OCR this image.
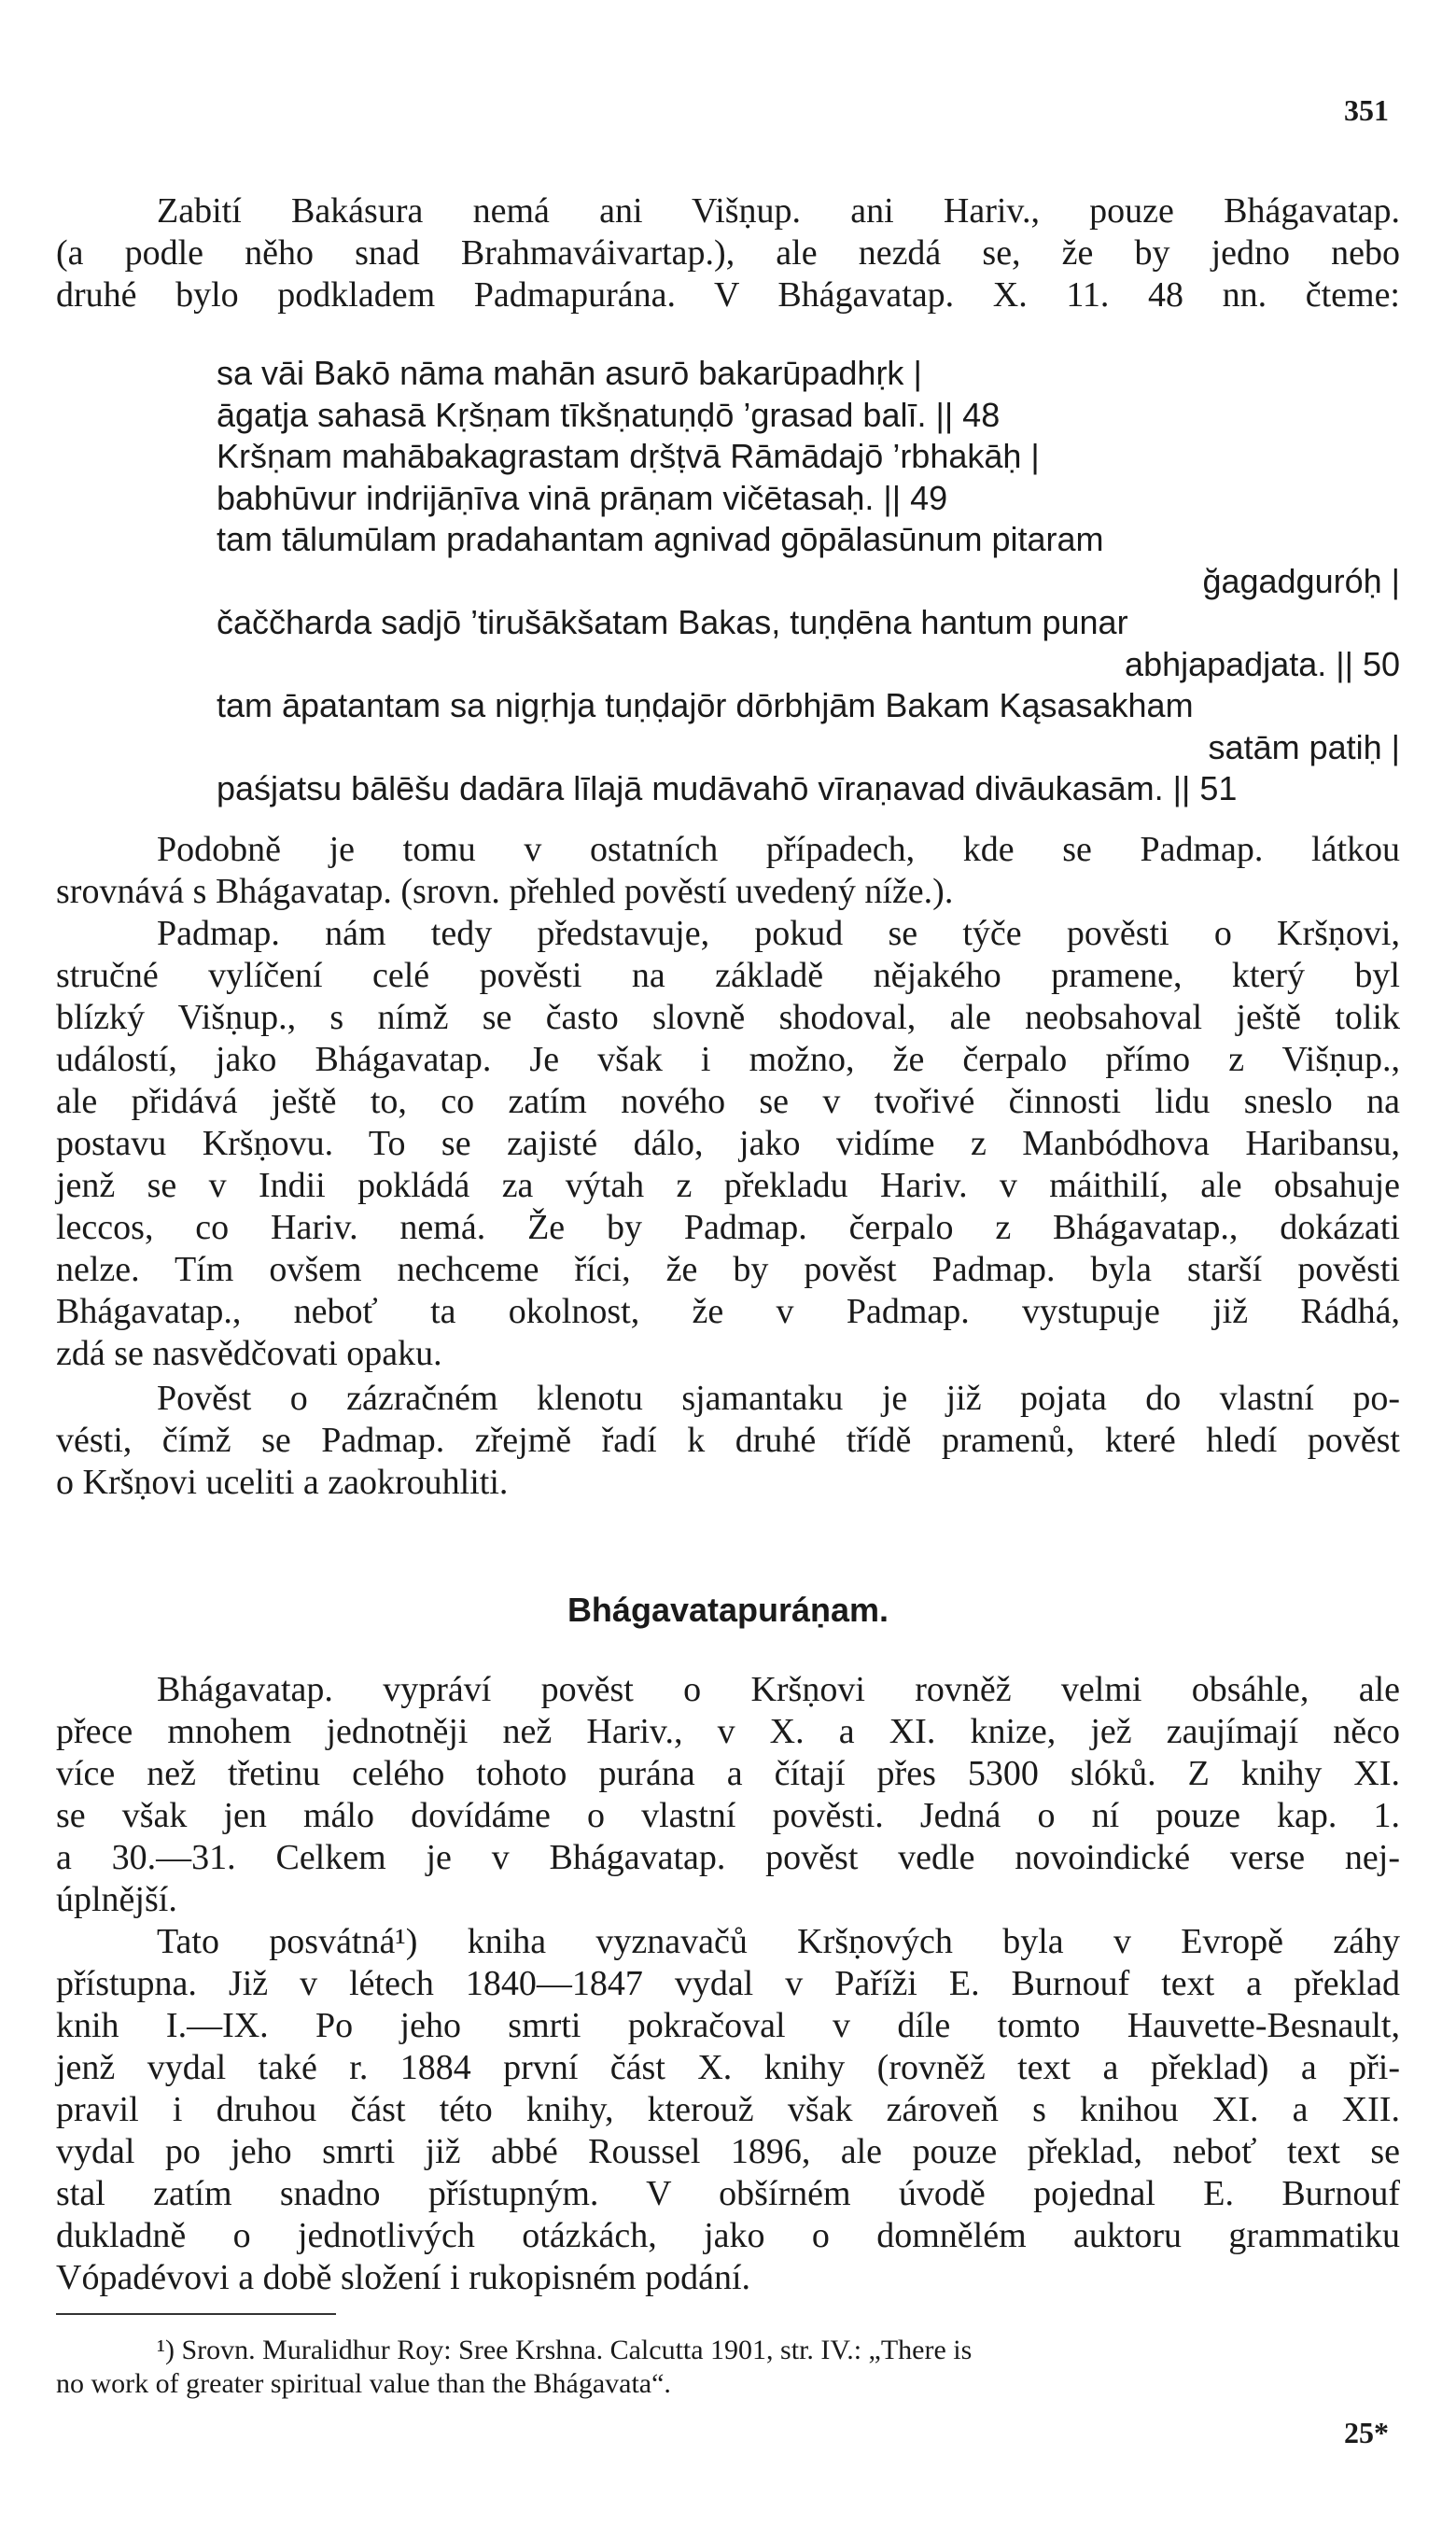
351
Zabití Bakásura nemá ani Višṇup. ani Hariv., pouze Bhágavatap.
(a podle něho snad Brahmaváivartap.), ale nezdá se, že by jedno nebo
druhé bylo podkladem Padmapurána. V Bhágavatap. X. 11. 48 nn. čteme:
sa vāi Bakō nāma mahān asurō bakarūpadhṛk |
āgatja sahasā Kṛšṇam tīkšṇatuṇḍō ’grasad balī. || 48
Kršṇam mahābakagrastam dṛšṭvā Rāmādajō ’rbhakāḥ |
babhūvur indrijāṇīva vinā prāṇam vičētasaḥ. || 49
tam tālumūlam pradahantam agnivad gōpālasūnum pitaram
ğagadguróḥ |
čaččharda sadjō ’tirušākšatam Bakas, tuṇḍēna hantum punar
abhjapadjata. || 50
tam āpatantam sa nigṛhja tuṇḍajōr dōrbhjām Bakam Kąsasakham
satām patiḥ |
paśjatsu bālēšu dadāra līlajā mudāvahō vīraṇavad divāukasām. || 51
Podobně je tomu v ostatních případech, kde se Padmap. látkou
srovnává s Bhágavatap. (srovn. přehled pověstí uvedený níže.).
Padmap. nám tedy představuje, pokud se týče pověsti o Kršṇovi,
stručné vylíčení celé pověsti na základě nějakého pramene, který byl
blízký Višṇup., s nímž se často slovně shodoval, ale neobsahoval ještě tolik
událostí, jako Bhágavatap. Je však i možno, že čerpalo přímo z Višṇup.,
ale přidává ještě to, co zatím nového se v tvořivé činnosti lidu sneslo na
postavu Kršṇovu. To se zajisté dálo, jako vidíme z Manbódhova Haribansu,
jenž se v Indii pokládá za výtah z překladu Hariv. v máithilí, ale obsahuje
leccos, co Hariv. nemá. Že by Padmap. čerpalo z Bhágavatap., dokázati
nelze. Tím ovšem nechceme říci, že by pověst Padmap. byla starší pověsti
Bhágavatap., neboť ta okolnost, že v Padmap. vystupuje již Rádhá,
zdá se nasvědčovati opaku.
Pověst o zázračném klenotu sjamantaku je již pojata do vlastní po-
vésti, čímž se Padmap. zřejmě řadí k druhé třídě pramenů, které hledí pověst
o Kršṇovi uceliti a zaokrouhliti.
Bhágavatapuráṇam.
Bhágavatap. vypráví pověst o Kršṇovi rovněž velmi obsáhle, ale
přece mnohem jednotněji než Hariv., v X. a XI. knize, jež zaujímají něco
více než třetinu celého tohoto purána a čítají přes 5300 slóků. Z knihy XI.
se však jen málo dovídáme o vlastní pověsti. Jedná o ní pouze kap. 1.
a 30.—31. Celkem je v Bhágavatap. pověst vedle novoindické verse nej-
úplnější.
Tato posvátná¹) kniha vyznavačů Kršṇových byla v Evropě záhy
přístupna. Již v létech 1840—1847 vydal v Paříži E. Burnouf text a překlad
knih I.—IX. Po jeho smrti pokračoval v díle tomto Hauvette-Besnault,
jenž vydal také r. 1884 první část X. knihy (rovněž text a překlad) a při-
pravil i druhou část této knihy, kterouž však zároveň s knihou XI. a XII.
vydal po jeho smrti již abbé Roussel 1896, ale pouze překlad, neboť text se
stal zatím snadno přístupným. V obšírném úvodě pojednal E. Burnouf
dukladně o jednotlivých otázkách, jako o domnělém auktoru grammatiku
Vópadévovi a době složení i rukopisném podání.
¹) Srovn. Muralidhur Roy: Sree Krshna. Calcutta 1901, str. IV.: „There is
no work of greater spiritual value than the Bhágavata“.
25*
